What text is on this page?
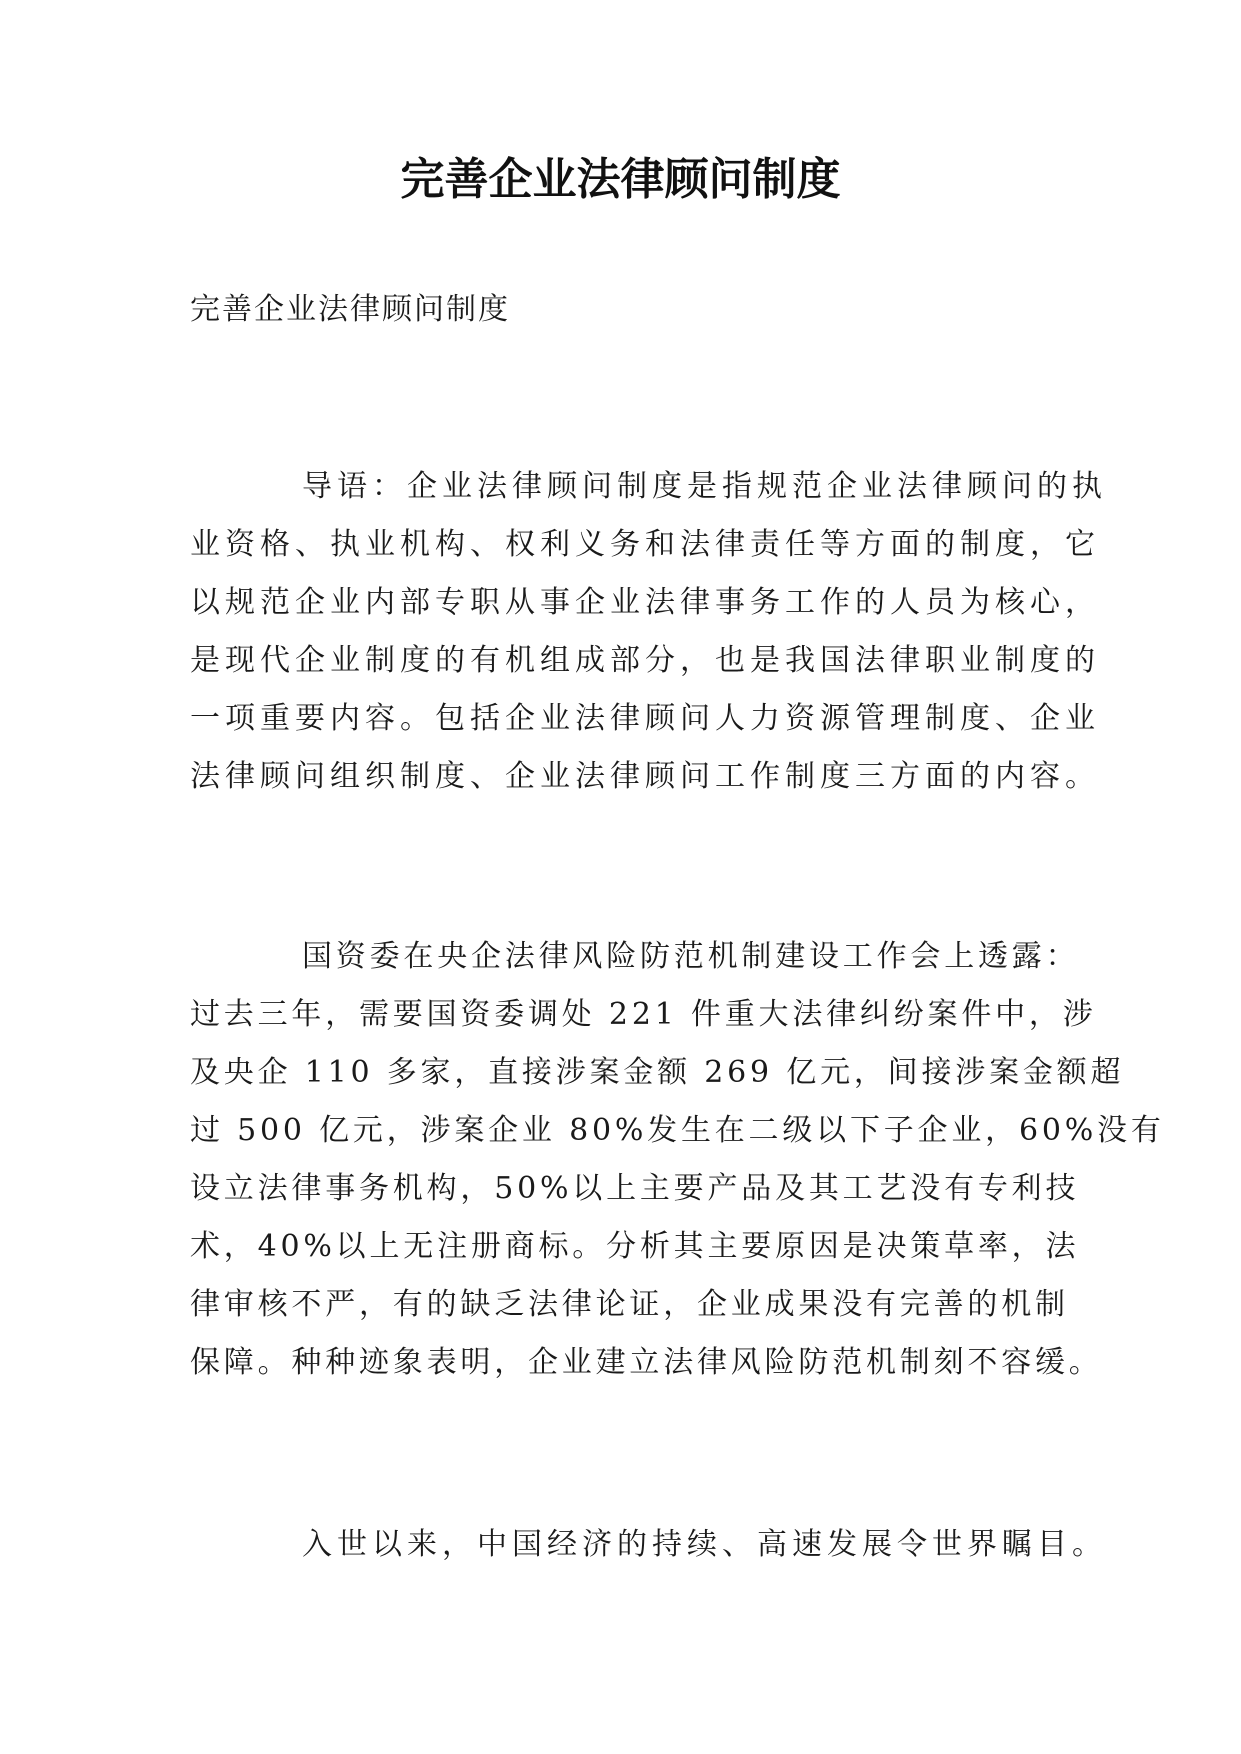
完善企业法律顾问制度

完善企业法律顾问制度

导语：企业法律顾问制度是指规范企业法律顾问的执
业资格、执业机构、权利义务和法律责任等方面的制度，它
以规范企业内部专职从事企业法律事务工作的人员为核心，
是现代企业制度的有机组成部分，也是我国法律职业制度的
一项重要内容。包括企业法律顾问人力资源管理制度、企业
法律顾问组织制度、企业法律顾问工作制度三方面的内容。
国资委在央企法律风险防范机制建设工作会上透露：
过去三年，需要国资委调处 221 件重大法律纠纷案件中，涉
及央企 110 多家，直接涉案金额 269 亿元，间接涉案金额超
过 500 亿元，涉案企业 80%发生在二级以下子企业，60%没有
设立法律事务机构，50%以上主要产品及其工艺没有专利技
术，40%以上无注册商标。分析其主要原因是决策草率，法
律审核不严，有的缺乏法律论证，企业成果没有完善的机制
保障。种种迹象表明，企业建立法律风险防范机制刻不容缓。
入世以来，中国经济的持续、高速发展令世界瞩目。
